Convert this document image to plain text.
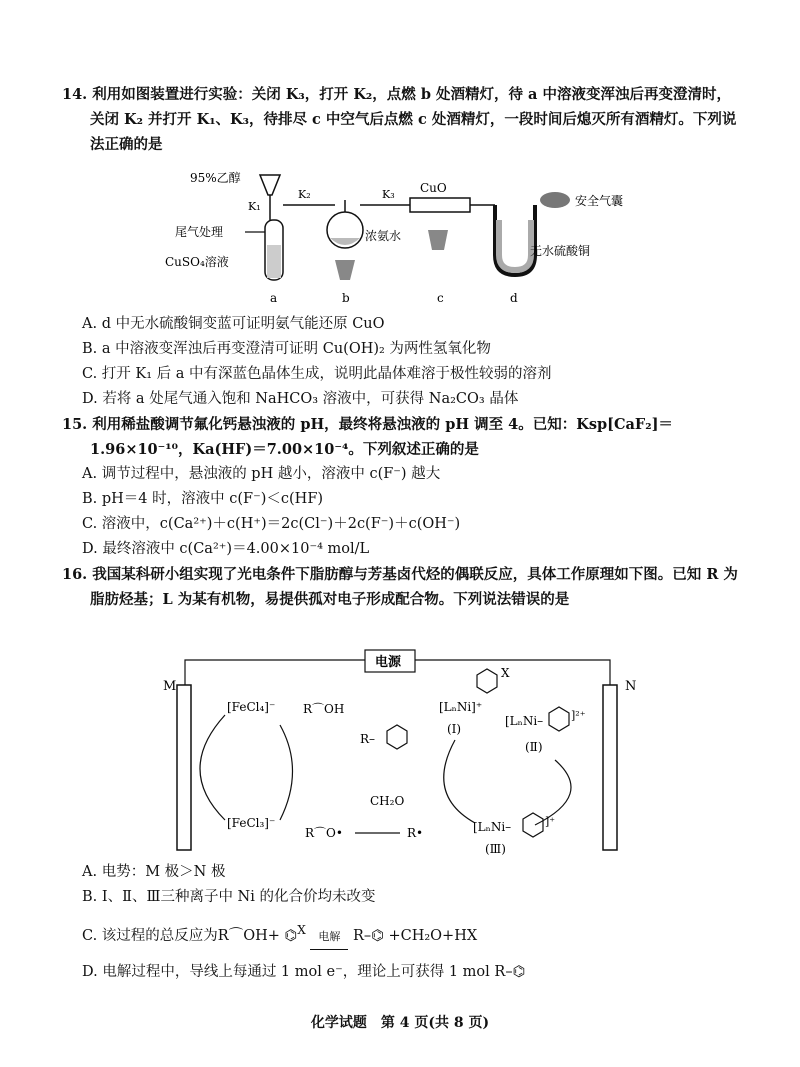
14. 利用如图装置进行实验：关闭 K₃，打开 K₂，点燃 b 处酒精灯，待 a 中溶液变浑浊后再变澄清时，关闭 K₂ 并打开 K₁、K₃，待排尽 c 中空气后点燃 c 处酒精灯，一段时间后熄灭所有酒精灯。下列说法正确的是
95%乙醇
K₁
尾气处理
CuSO₄溶液
a
K₂
浓氨水
b
K₃ CuO
c
安全气囊
无水硫酸铜
d
A. d 中无水硫酸铜变蓝可证明氨气能还原 CuO
B. a 中溶液变浑浊后再变澄清可证明 Cu(OH)₂ 为两性氢氧化物
C. 打开 K₁ 后 a 中有深蓝色晶体生成，说明此晶体难溶于极性较弱的溶剂
D. 若将 a 处尾气通入饱和 NaHCO₃ 溶液中，可获得 Na₂CO₃ 晶体
15. 利用稀盐酸调节氟化钙悬浊液的 pH，最终将悬浊液的 pH 调至 4。已知：Ksp[CaF₂]＝1.96×10⁻¹⁰，Ka(HF)＝7.00×10⁻⁴。下列叙述正确的是
A. 调节过程中，悬浊液的 pH 越小，溶液中 c(F⁻) 越大
B. pH＝4 时，溶液中 c(F⁻)＜c(HF)
C. 溶液中，c(Ca²⁺)＋c(H⁺)＝2c(Cl⁻)＋2c(F⁻)＋c(OH⁻)
D. 最终溶液中 c(Ca²⁺)＝4.00×10⁻⁴ mol/L
16. 我国某科研小组实现了光电条件下脂肪醇与芳基卤代烃的偶联反应，具体工作原理如下图。已知 R 为脂肪烃基；L 为某有机物，易提供孤对电子形成配合物。下列说法错误的是
电源
M	N
[FeCl₄]⁻
[FeCl₃]⁻
R⌒OH
R⌒O•
CH₂O
R•
R–
[LₙNi]⁺
(Ⅰ)
X
[LₙNi–	]²⁺
(Ⅱ)
[LₙNi–	]⁺
(Ⅲ)
A. 电势：M 极＞N 极
B. Ⅰ、Ⅱ、Ⅲ三种离子中 Ni 的化合价均未改变
C. 该过程的总反应为R⌒OH+ ⌬$^X$ 电解 R–⌬ +CH₂O+HX
D. 电解过程中，导线上每通过 1 mol e⁻，理论上可获得 1 mol R–⌬
化学试题　第 4 页(共 8 页)
